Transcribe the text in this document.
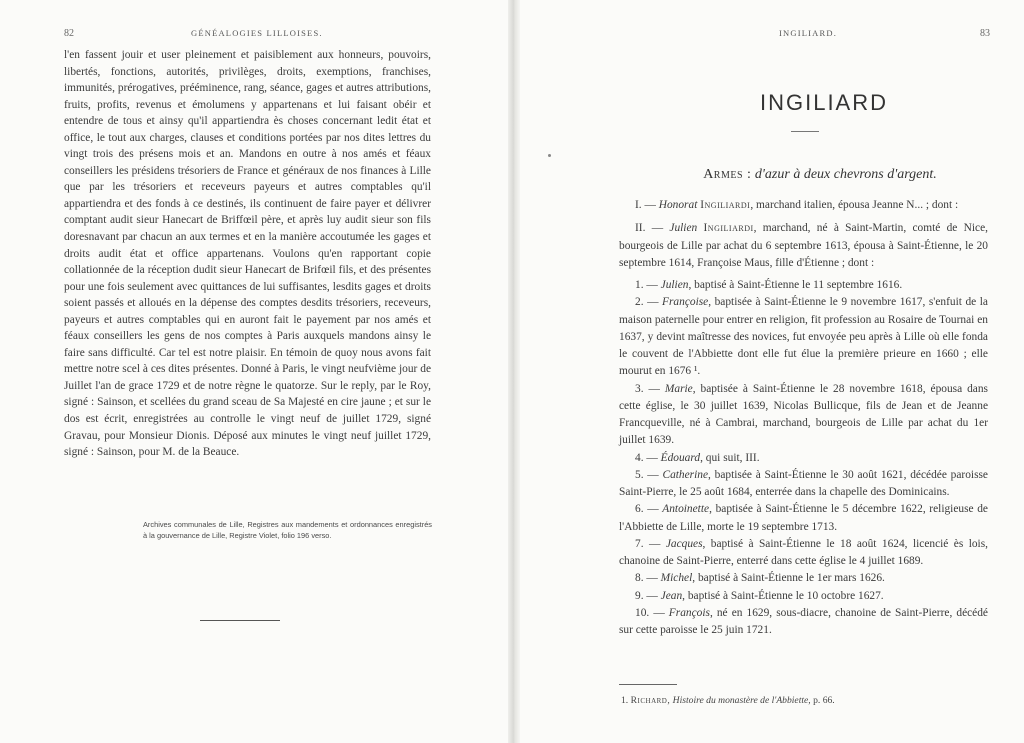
82	GÉNÉALOGIES LILLOISES.

l'en fassent jouir et user pleinement et paisiblement aux honneurs, pouvoirs, libertés, fonctions, autorités, privilèges, droits, exemptions, franchises, immunités, prérogatives, prééminence, rang, séance, gages et autres attributions, fruits, profits, revenus et émolumens y appartenans et lui faisant obéir et entendre de tous et ainsy qu'il appartiendra ès choses concernant ledit état et office, le tout aux charges, clauses et conditions portées par nos dites lettres du vingt trois des présens mois et an. Mandons en outre à nos amés et féaux conseillers les présidens trésoriers de France et généraux de nos finances à Lille que par les trésoriers et receveurs payeurs et autres comptables qu'il appartiendra et des fonds à ce destinés, ils continuent de faire payer et délivrer comptant audit sieur Hanecart de Briffœil père, et après luy audit sieur son fils doresnavant par chacun an aux termes et en la manière accoutumée les gages et droits audit état et office appartenans. Voulons qu'en rapportant copie collationnée de la réception dudit sieur Hanecart de Brifœil fils, et des présentes pour une fois seulement avec quittances de lui suffisantes, lesdits gages et droits soient passés et alloués en la dépense des comptes desdits trésoriers, receveurs, payeurs et autres comptables qui en auront fait le payement par nos amés et féaux conseillers les gens de nos comptes à Paris auxquels mandons ainsy le faire sans difficulté. Car tel est notre plaisir. En témoin de quoy nous avons fait mettre notre scel à ces dites présentes. Donné à Paris, le vingt neufvième jour de Juillet l'an de grace 1729 et de notre règne le quatorze. Sur le reply, par le Roy, signé : Sainson, et scellées du grand sceau de Sa Majesté en cire jaune ; et sur le dos est écrit, enregistrées au controlle le vingt neuf de juillet 1729, signé Gravau, pour Monsieur Dionis. Déposé aux minutes le vingt neuf juillet 1729, signé : Sainson, pour M. de la Beauce.

Archives communales de Lille, Registres aux mandements et ordonnances enregistrés à la gouvernance de Lille, Registre Violet, folio 196 verso.
INGILIARD.	83
INGILIARD
Armes : d'azur à deux chevrons d'argent.

I. — Honorat Ingiliardi, marchand italien, épousa Jeanne N... ; dont :

II. — Julien Ingiliardi, marchand, né à Saint-Martin, comté de Nice, bourgeois de Lille par achat du 6 septembre 1613, épousa à Saint-Étienne, le 20 septembre 1614, Françoise Maus, fille d'Étienne ; dont :

1. — Julien, baptisé à Saint-Étienne le 11 septembre 1616.

2. — Françoise, baptisée à Saint-Étienne le 9 novembre 1617, s'enfuit de la maison paternelle pour entrer en religion, fit profession au Rosaire de Tournai en 1637, y devint maîtresse des novices, fut envoyée peu après à Lille où elle fonda le couvent de l'Abbiette dont elle fut élue la première prieure en 1660 ; elle mourut en 1676 ¹.

3. — Marie, baptisée à Saint-Étienne le 28 novembre 1618, épousa dans cette église, le 30 juillet 1639, Nicolas Bullicque, fils de Jean et de Jeanne Francqueville, né à Cambrai, marchand, bourgeois de Lille par achat du 1er juillet 1639.

4. — Édouard, qui suit, III.

5. — Catherine, baptisée à Saint-Étienne le 30 août 1621, décédée paroisse Saint-Pierre, le 25 août 1684, enterrée dans la chapelle des Dominicains.

6. — Antoinette, baptisée à Saint-Étienne le 5 décembre 1622, religieuse de l'Abbiette de Lille, morte le 19 septembre 1713.

7. — Jacques, baptisé à Saint-Étienne le 18 août 1624, licencié ès lois, chanoine de Saint-Pierre, enterré dans cette église le 4 juillet 1689.

8. — Michel, baptisé à Saint-Étienne le 1er mars 1626.

9. — Jean, baptisé à Saint-Étienne le 10 octobre 1627.

10. — François, né en 1629, sous-diacre, chanoine de Saint-Pierre, décédé sur cette paroisse le 25 juin 1721.

1. Richard, Histoire du monastère de l'Abbiette, p. 66.
